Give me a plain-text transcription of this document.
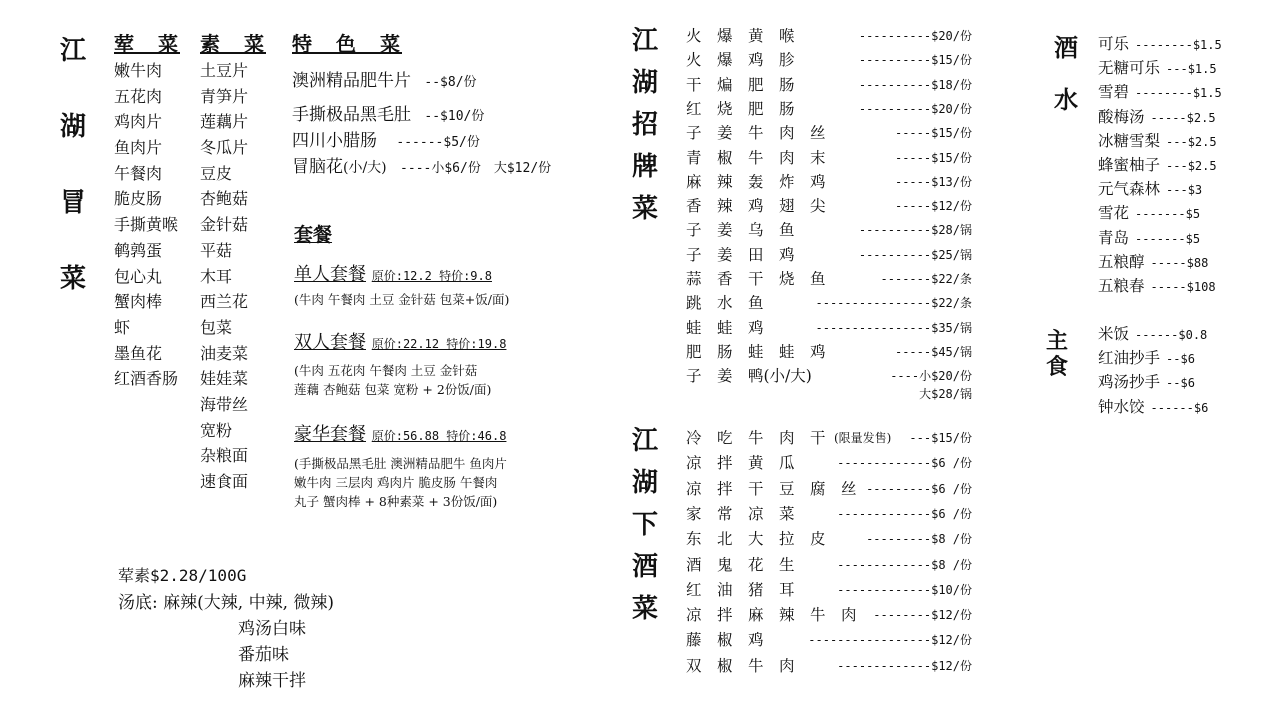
江
湖
冒
菜
荤　菜 素　菜 特　色　菜
嫩牛肉
五花肉
鸡肉片
鱼肉片
午餐肉
脆皮肠
手撕黄喉
鹌鹑蛋
包心丸
蟹肉棒
虾
墨鱼花
红酒香肠
土豆片
青笋片
莲藕片
冬瓜片
豆皮
杏鲍菇
金针菇
平菇
木耳
西兰花
包菜
油麦菜
娃娃菜
海带丝
宽粉
杂粮面
速食面
澳洲精品肥牛片 --$8/份
手撕极品黑毛肚 --$10/份
四川小腊肠 ------$5/份
冒脑花(小/大) ----小$6/份　大$12/份
套餐
单人套餐 原价:12.2 特价:9.8
(牛肉 午餐肉 土豆 金针菇 包菜+饭/面)
双人套餐 原价:22.12 特价:19.8
(牛肉 五花肉 午餐肉 土豆 金针菇
莲藕 杏鲍菇 包菜 宽粉 + 2份饭/面)
豪华套餐 原价:56.88 特价:46.8
(手撕极品黑毛肚 澳洲精品肥牛 鱼肉片
嫩牛肉 三层肉 鸡肉片 脆皮肠 午餐肉
丸子 蟹肉棒 + 8种素菜 + 3份饭/面)
荤素$2.28/100G
汤底: 麻辣(大辣, 中辣, 微辣)
鸡汤白味
番茄味
麻辣干拌
江
湖
招
牌
菜
火　爆　黄　喉	----------$20/份
火　爆　鸡　胗	----------$15/份
干　煸　肥　肠	----------$18/份
红　烧　肥　肠	----------$20/份
子　姜　牛　肉　丝	-----$15/份
青　椒　牛　肉　末	-----$15/份
麻　辣　轰　炸　鸡	-----$13/份
香　辣　鸡　翅　尖	-----$12/份
子　姜　乌　鱼	----------$28/锅
子　姜　田　鸡	----------$25/锅
蒜　香　干　烧　鱼	-------$22/条
跳　水　鱼	----------------$22/条
蛙　蛙　鸡	----------------$35/锅
肥　肠　蛙　蛙　鸡	-----$45/锅
子　姜　鸭(小/大)	----小$20/份
大$28/锅
江
湖
下
酒
菜
冷　吃　牛　肉　干 (限量发售) ---$15/份
凉　拌　黄　瓜	-------------$6 /份
凉　拌　干　豆　腐　丝 ---------$6 /份
家　常　凉　菜	-------------$6 /份
东　北　大　拉　皮	---------$8 /份
酒　鬼　花　生	-------------$8 /份
红　油　猪　耳	-------------$10/份
凉　拌　麻　辣　牛　肉 --------$12/份
藤　椒　鸡	-----------------$12/份
双　椒　牛　肉	-------------$12/份
酒
水
可乐 --------$1.5
无糖可乐 ---$1.5
雪碧 --------$1.5
酸梅汤 -----$2.5
冰糖雪梨 ---$2.5
蜂蜜柚子 ---$2.5
元气森林 ---$3
雪花 -------$5
青岛 -------$5
五粮醇 -----$88
五粮春 -----$108
主
食
米饭 ------$0.8
红油抄手 --$6
鸡汤抄手 --$6
钟水饺 ------$6
